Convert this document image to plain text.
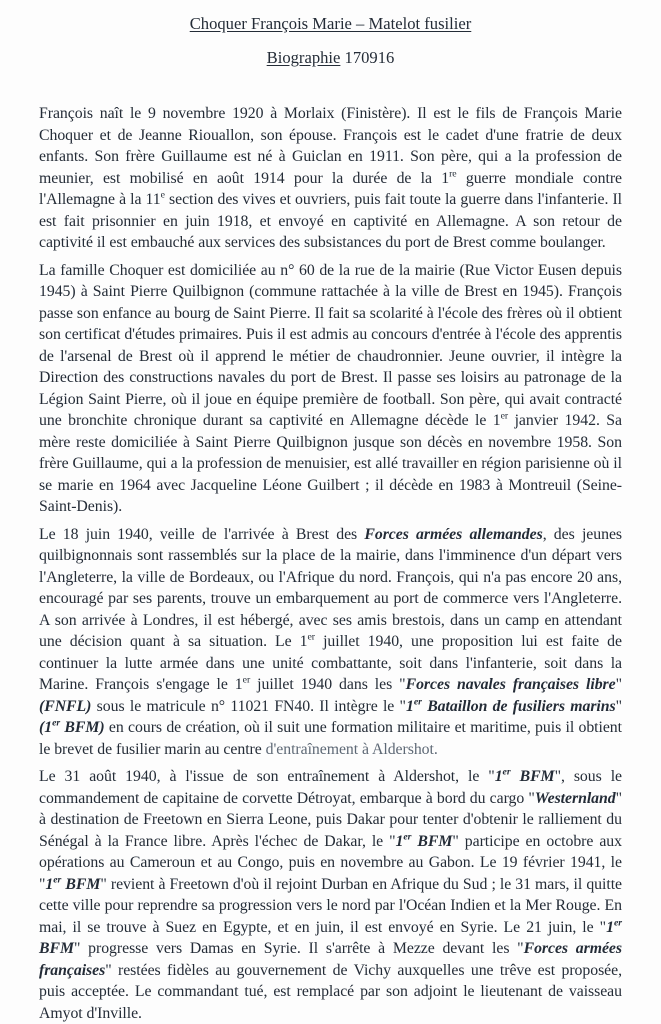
Choquer François Marie – Matelot fusilier

Biographie 170916

François naît le 9 novembre 1920 à Morlaix (Finistère). Il est le fils de François Marie Choquer et de Jeanne Riouallon, son épouse. François est le cadet d'une fratrie de deux enfants. Son frère Guillaume est né à Guiclan en 1911. Son père, qui a la profession de meunier, est mobilisé en août 1914 pour la durée de la 1re guerre mondiale contre l'Allemagne à la 11e section des vives et ouvriers, puis fait toute la guerre dans l'infanterie. Il est fait prisonnier en juin 1918, et envoyé en captivité en Allemagne. A son retour de captivité il est embauché aux services des subsistances du port de Brest comme boulanger.

La famille Choquer est domiciliée au n° 60 de la rue de la mairie (Rue Victor Eusen depuis 1945) à Saint Pierre Quilbignon (commune rattachée à la ville de Brest en 1945). François passe son enfance au bourg de Saint Pierre. Il fait sa scolarité à l'école des frères où il obtient son certificat d'études primaires. Puis il est admis au concours d'entrée à l'école des apprentis de l'arsenal de Brest où il apprend le métier de chaudronnier. Jeune ouvrier, il intègre la Direction des constructions navales du port de Brest. Il passe ses loisirs au patronage de la Légion Saint Pierre, où il joue en équipe première de football. Son père, qui avait contracté une bronchite chronique durant sa captivité en Allemagne décède le 1er janvier 1942. Sa mère reste domiciliée à Saint Pierre Quilbignon jusque son décès en novembre 1958. Son frère Guillaume, qui a la profession de menuisier, est allé travailler en région parisienne où il se marie en 1964 avec Jacqueline Léone Guilbert ; il décède en 1983 à Montreuil (Seine-Saint-Denis).

Le 18 juin 1940, veille de l'arrivée à Brest des Forces armées allemandes, des jeunes quilbignonnais sont rassemblés sur la place de la mairie, dans l'imminence d'un départ vers l'Angleterre, la ville de Bordeaux, ou l'Afrique du nord. François, qui n'a pas encore 20 ans, encouragé par ses parents, trouve un embarquement au port de commerce vers l'Angleterre. A son arrivée à Londres, il est hébergé, avec ses amis brestois, dans un camp en attendant une décision quant à sa situation. Le 1er juillet 1940, une proposition lui est faite de continuer la lutte armée dans une unité combattante, soit dans l'infanterie, soit dans la Marine. François s'engage le 1er juillet 1940 dans les "Forces navales françaises libre" (FNFL) sous le matricule n° 11021 FN40. Il intègre le "1er Bataillon de fusiliers marins" (1er BFM) en cours de création, où il suit une formation militaire et maritime, puis il obtient le brevet de fusilier marin au centre d'entraînement à Aldershot.

Le 31 août 1940, à l'issue de son entraînement à Aldershot, le "1er BFM", sous le commandement de capitaine de corvette Détroyat, embarque à bord du cargo "Westernland" à destination de Freetown en Sierra Leone, puis Dakar pour tenter d'obtenir le ralliement du Sénégal à la France libre. Après l'échec de Dakar, le "1er BFM" participe en octobre aux opérations au Cameroun et au Congo, puis en novembre au Gabon. Le 19 février 1941, le "1er BFM" revient à Freetown d'où il rejoint Durban en Afrique du Sud ; le 31 mars, il quitte cette ville pour reprendre sa progression vers le nord par l'Océan Indien et la Mer Rouge. En mai, il se trouve à Suez en Egypte, et en juin, il est envoyé en Syrie. Le 21 juin, le "1er BFM" progresse vers Damas en Syrie. Il s'arrête à Mezze devant les "Forces armées françaises" restées fidèles au gouvernement de Vichy auxquelles une trêve est proposée, puis acceptée. Le commandant tué, est remplacé par son adjoint le lieutenant de vaisseau Amyot d'Inville.
